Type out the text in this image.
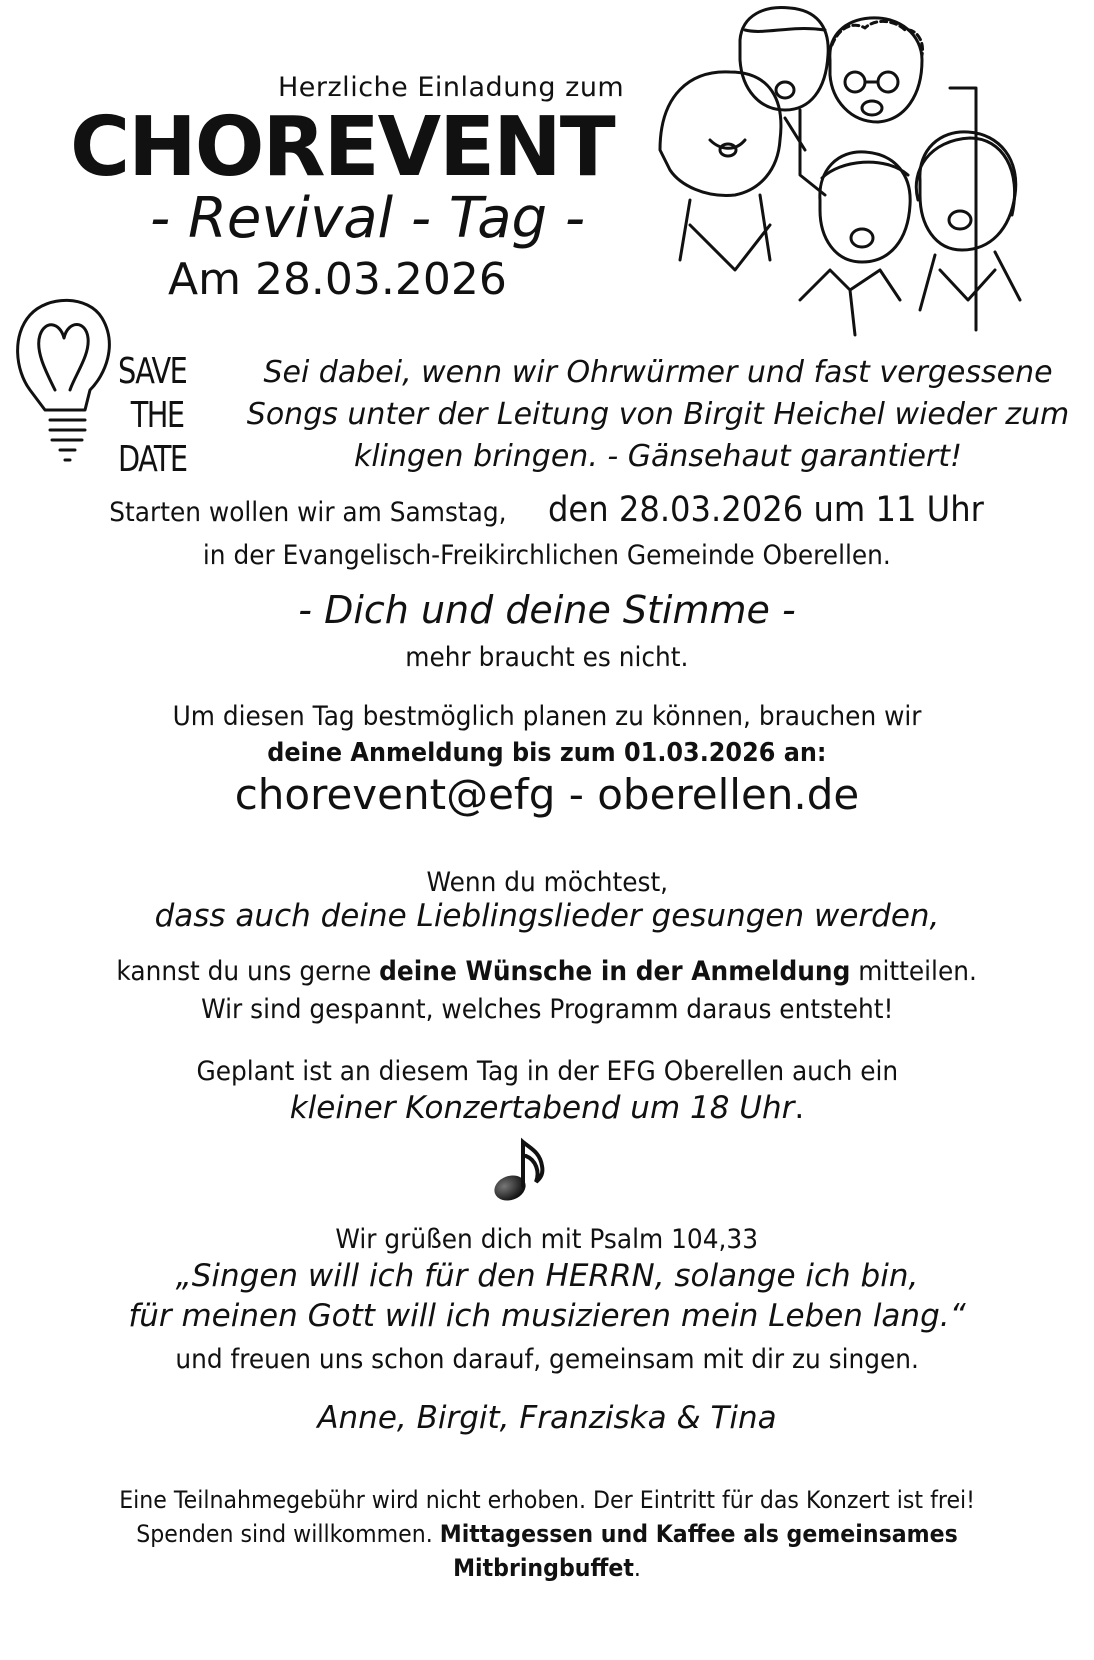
Herzliche Einladung zum
CHOREVENT
- Revival - Tag -
Am 28.03.2026
SAVE
THE
DATE
Sei dabei, wenn wir Ohrwürmer und fast vergessene Songs unter der Leitung von Birgit Heichel wieder zum klingen bringen. - Gänsehaut garantiert!
Starten wollen wir am Samstag, den 28.03.2026 um 11 Uhr
in der Evangelisch-Freikirchlichen Gemeinde Oberellen.
- Dich und deine Stimme -
mehr braucht es nicht.
Um diesen Tag bestmöglich planen zu können, brauchen wir
deine Anmeldung bis zum 01.03.2026 an:
chorevent@efg - oberellen.de
Wenn du möchtest,
dass auch deine Lieblingslieder gesungen werden,
kannst du uns gerne deine Wünsche in der Anmeldung mitteilen.
Wir sind gespannt, welches Programm daraus entsteht!
Geplant ist an diesem Tag in der EFG Oberellen auch ein
kleiner Konzertabend um 18 Uhr.
Wir grüßen dich mit Psalm 104,33
„Singen will ich für den HERRN, solange ich bin,
für meinen Gott will ich musizieren mein Leben lang.“
und freuen uns schon darauf, gemeinsam mit dir zu singen.
Anne, Birgit, Franziska & Tina
Eine Teilnahmegebühr wird nicht erhoben. Der Eintritt für das Konzert ist frei!
Spenden sind willkommen. Mittagessen und Kaffee als gemeinsames Mitbringbuffet.
